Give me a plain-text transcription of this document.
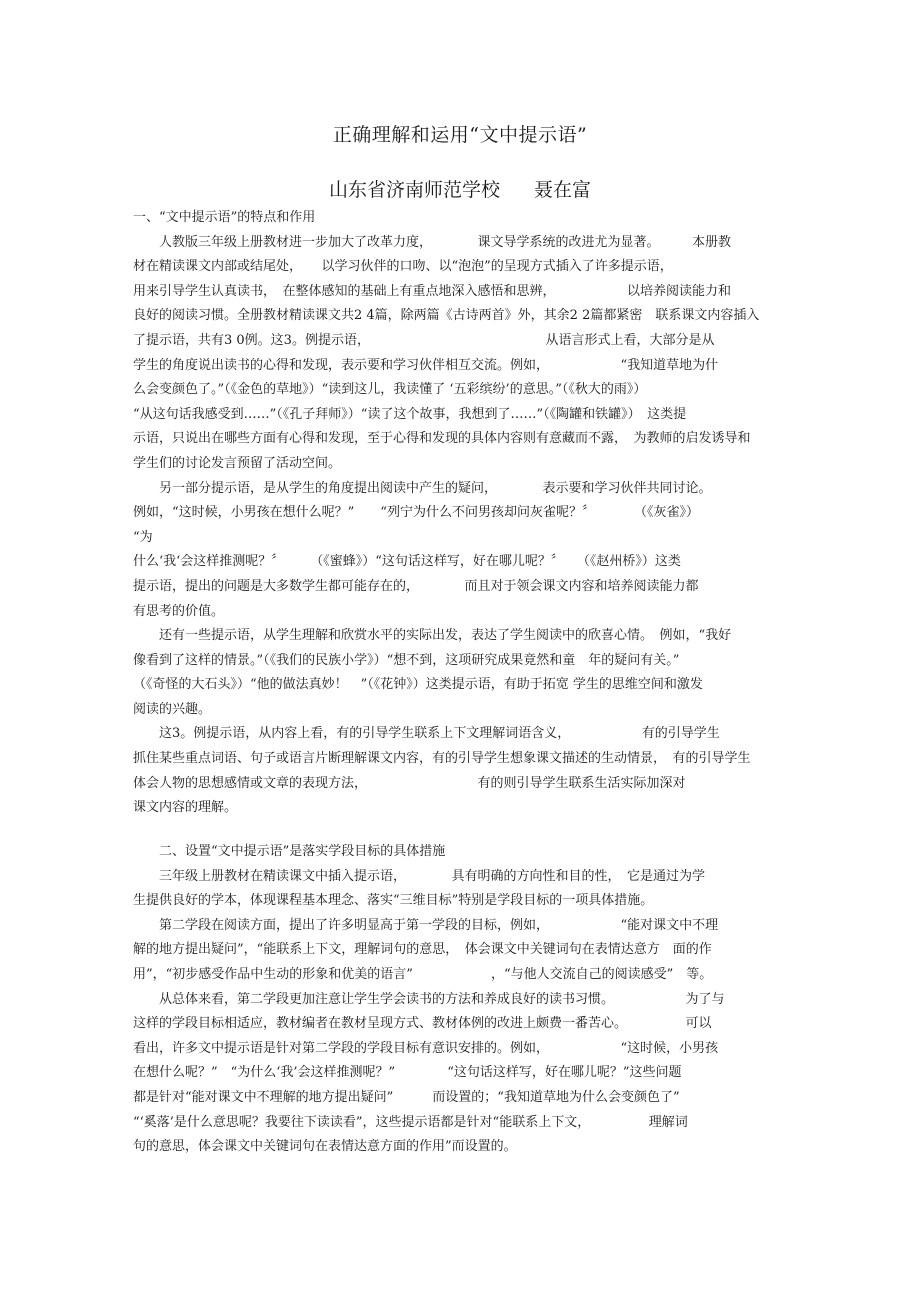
正确理解和运用“文中提示语”
山东省济南师范学校 聂在富
一、“文中提示语”的特点和作用
　　人教版三年级上册教材进一步加大了改革力度，　　　　课文导学系统的改进尤为显著。　　　本册教
材在精读课文内部或结尾处，　　以学习伙伴的口吻、以“泡泡”的呈现方式插入了许多提示语，
用来引导学生认真读书，　在整体感知的基础上有重点地深入感悟和思辨，　　　　　　以培养阅读能力和
良好的阅读习惯。全册教材精读课文共2 4篇，除两篇《古诗两首》外，其余2 2篇都紧密　联系课文内容插入
了提示语，共有3 0例。这3。例提示语，　　　　　　　　　　　　　　从语言形式上看，大部分是从
学生的角度说出读书的心得和发现，表示要和学习伙伴相互交流。例如，　　　　　　“我知道草地为什
么会变颜色了。”（《金色的草地》）“读到这儿，我读懂了 ‘五彩缤纷’的意思。”（《秋大的雨》）
“从这句话我感受到……”（《孔子拜师》）“读了这个故事，我想到了……”（《陶罐和铁罐》）　这类提
示语，只说出在哪些方面有心得和发现，至于心得和发现的具体内容则有意藏而不露，　为教师的启发诱导和
学生们的讨论发言预留了活动空间。
　　另一部分提示语，是从学生的角度提出阅读中产生的疑问，　　　　表示要和学习伙伴共同讨论。
例如，“这时候，小男孩在想什么呢？”　　“列宁为什么不问男孩却问灰雀呢？〞　　　　（《灰雀》）
“为
什么‘我‘会这样推测呢？〞　　　（《蜜蜂》）“这句话这样写，好在哪儿呢？〞　　（《赵州桥》）这类
提示语，提出的问题是大多数学生都可能存在的，　　　　而且对于领会课文内容和培养阅读能力都
有思考的价值。
　　还有一些提示语，从学生理解和欣赏水平的实际出发，表达了学生阅读中的欣喜心情。　例如，“我好
像看到了这样的情景。”（《我们的民族小学》）“想不到，这项研究成果竟然和童　年的疑问有关。”
（《奇怪的大石头》）“他的做法真妙！　”（《花钟》）这类提示语，有助于拓宽 学生的思维空间和激发
阅读的兴趣。
　　这3。例提示语，从内容上看，有的引导学生联系上下文理解词语含义，　　　　　　有的引导学生
抓住某些重点词语、句子或语言片断理解课文内容，有的引导学生想象课文描述的生动情景，　有的引导学生
体会人物的思想感情或文章的表现方法，　　　　　　　　　有的则引导学生联系生活实际加深对
课文内容的理解。
　　二、设置“文中提示语”是落实学段目标的具体措施
　　三年级上册教材在精读课文中插入提示语，　　　　具有明确的方向性和目的性，　它是通过为学
生提供良好的学本，体现课程基本理念、落实“三维目标”特别是学段目标的一项具体措施。
　　第二学段在阅读方面，提出了许多明显高于第一学段的目标，例如，　　　　　　“能对课文中不理
解的地方提出疑问”，“能联系上下文，理解词句的意思，　体会课文中关键词句在表情达意方　面的作
用”，“初步感受作品中生动的形象和优美的语言”　　　　　　，“与他人交流自己的阅读感受”　等。
　　从总体来看，第二学段更加注意让学生学会读书的方法和养成良好的读书习惯。　　　　　　为了与
这样的学段目标相适应，教材编者在教材呈现方式、教材体例的改进上颇费一番苦心。　　　　　可以
看出，许多文中提示语是针对第二学段的学段目标有意识安排的。例如，　　　　　　“这时候，小男孩
在想什么呢？”　“为什么‘我’会这样推测呢？”　　　　“这句话这样写，好在哪儿呢？”这些问题
都是针对“能对课文中不理解的地方提出疑问”　　　而设置的；“我知道草地为什么会变颜色了”
“‘奚落’是什么意思呢？我要往下读读看”，这些提示语都是针对“能联系上下文，　　　　　理解词
句的意思，体会课文中关键词句在表情达意方面的作用”而设置的。
